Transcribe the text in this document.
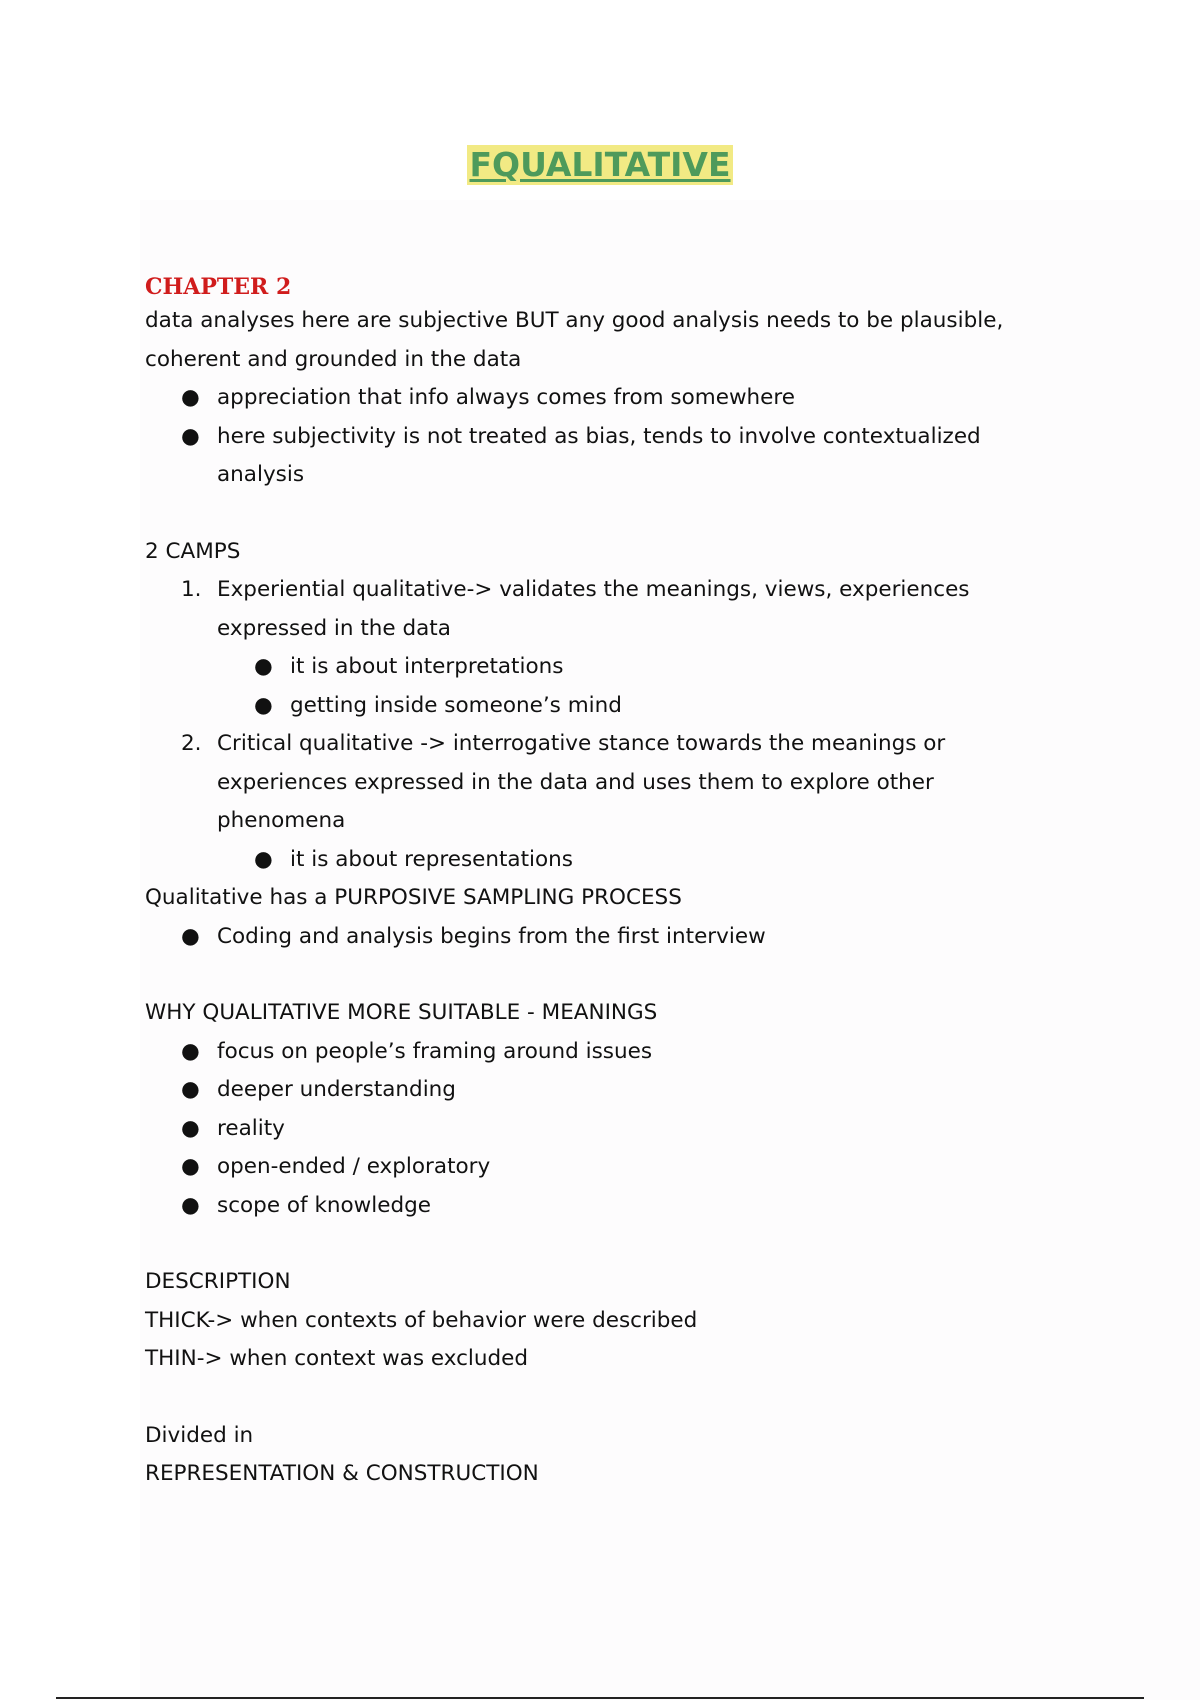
FQUALITATIVE

CHAPTER 2

data analyses here are subjective BUT any good analysis needs to be plausible,

coherent and grounded in the data

● appreciation that info always comes from somewhere
● here subjectivity is not treated as bias, tends to involve contextualized
analysis

2 CAMPS

1. Experiential qualitative-> validates the meanings, views, experiences
expressed in the data
● it is about interpretations
● getting inside someone’s mind
2. Critical qualitative -> interrogative stance towards the meanings or
experiences expressed in the data and uses them to explore other
phenomena
● it is about representations

Qualitative has a PURPOSIVE SAMPLING PROCESS

● Coding and analysis begins from the first interview

WHY QUALITATIVE MORE SUITABLE - MEANINGS

● focus on people’s framing around issues
● deeper understanding
● reality
● open-ended / exploratory
● scope of knowledge

DESCRIPTION

THICK-> when contexts of behavior were described

THIN-> when context was excluded

Divided in

REPRESENTATION & CONSTRUCTION
